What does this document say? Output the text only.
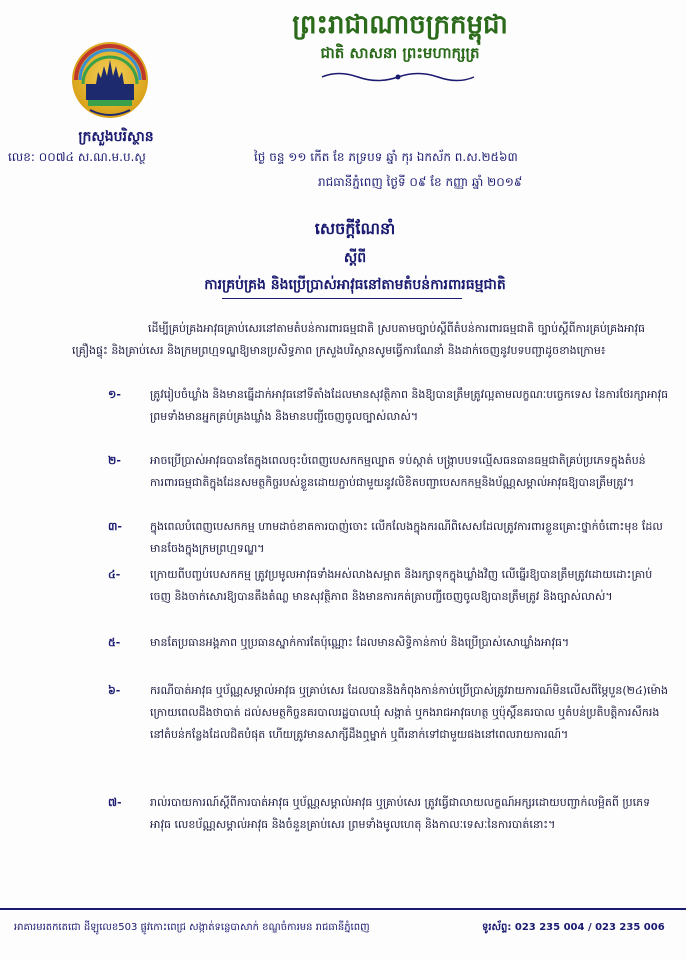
ក្រសួងបរិស្ថាន
លេខ: ០០៧៤ ស.ណ.ម.ប.ស្ថ
ព្រះរាជាណាចក្រកម្ពុជា
ជាតិ សាសនា ព្រះមហាក្សត្រ
ថ្ងៃ ចន្ទ ១១ កើត ខែ ភទ្របទ ឆ្នាំ កុរ ឯកស័ក ព.ស.២៥៦៣
រាជធានីភ្នំពេញ ថ្ងៃទី ០៩ ខែ កញ្ញា ឆ្នាំ ២០១៩
សេចក្តីណែនាំ
ស្តីពី
ការគ្រប់គ្រង និងប្រើប្រាស់អាវុធនៅតាមតំបន់ការពារធម្មជាតិ
ដើម្បីគ្រប់គ្រងអាវុធគ្រាប់សេរនៅតាមតំបន់ការពារធម្មជាតិ ស្របតាមច្បាប់ស្តីពីតំបន់ការពារធម្មជាតិ ច្បាប់ស្តីពីការគ្រប់គ្រងអាវុធ គ្រឿងផ្ទុះ និងគ្រាប់សេរ និងក្រមព្រហ្មទណ្ឌឱ្យមានប្រសិទ្ធភាព ក្រសួងបរិស្ថានសូមធ្វើការណែនាំ និងដាក់ចេញនូវបទបញ្ជាដូចខាងក្រោម៖
១-	ត្រូវរៀបចំឃ្លាំង និងមានធ្នើដាក់អាវុធនៅទីតាំងដែលមានសុវត្ថិភាព និងឱ្យបានត្រឹមត្រូវល្អតាមលក្ខណៈបច្ចេកទេស នៃការថែរក្សាអាវុធ ព្រមទាំងមានអ្នកគ្រប់គ្រងឃ្លាំង និងមានបញ្ជីចេញចូលច្បាស់លាស់។
២-	អាចប្រើប្រាស់អាវុធបានតែក្នុងពេលចុះបំពេញបេសកកម្មល្បាត ទប់ស្កាត់ បង្ក្រាបបទល្មើសធនធានធម្មជាតិគ្រប់ប្រភេទក្នុងតំបន់ការពារធម្មជាតិក្នុងដែនសមត្ថកិច្ចរបស់ខ្លួនដោយភ្ជាប់ជាមួយនូវលិខិតបញ្ជាបេសកកម្មនិងប័ណ្ណសម្គាល់អាវុធឱ្យបានត្រឹមត្រូវ។
៣-	ក្នុងពេលបំពេញបេសកកម្ម ហាមដាច់ខាតការបាញ់ចោះ លើកលែងក្នុងករណីពិសេសដែលត្រូវការពារខ្លួនគ្រោះថ្នាក់ចំពោះមុខ ដែលមានចែងក្នុងក្រមព្រហ្មទណ្ឌ។
៤-	ក្រោយពីបញ្ចប់បេសកកម្ម ត្រូវប្រមូលអាវុធទាំងអស់លាងសម្អាត និងរក្សាទុកក្នុងឃ្លាំងវិញ លើធ្នើរឱ្យបានត្រឹមត្រូវដោយដោះគ្រាប់ចេញ និងចាក់សោរឱ្យបានតឹងតំណ្ល មានសុវត្ថិភាព និងមានការកត់ត្រាបញ្ជីចេញចូលឱ្យបានត្រឹមត្រូវ និងច្បាស់លាស់។
៥-	មានតែប្រធានអង្គភាព ឬប្រធានស្នាក់ការតែប៉ុណ្ណោះ ដែលមានសិទ្ធិកាន់កាប់ និងប្រើប្រាស់សោឃ្លាំងអាវុធ។
៦-	ករណីបាត់អាវុធ ឬប័ណ្ណសម្គាល់អាវុធ ឬគ្រាប់សេរ ដែលបាននិងកំពុងកាន់កាប់ប្រើប្រាស់ត្រូវរាយការណ៍មិនលើសពីម្ភៃបួន(២៤)ម៉ោងក្រោយពេលដឹងថាបាត់ ដល់សមត្ថកិច្ចនគរបាលរដ្ឋបាលឃុំ សង្កាត់ ឬកងរាជអាវុធហត្ថ ឬប៉ុស្តិ៍នគរបាល ឬតំបន់ប្រតិបត្តិការសឹករងនៅតំបន់កន្លែងដែលជិតបំផុត ហើយត្រូវមានសាក្សីដឹងឮម្នាក់ ឬពីរនាក់ទៅជាមួយផងនៅពេលរាយការណ៍។
៧-	រាល់របាយការណ៍ស្តីពីការបាត់អាវុធ ឬប័ណ្ណសម្គាល់អាវុធ ឬគ្រាប់សេរ ត្រូវធ្វើជាលាយលក្ខណ៍អក្សរដោយបញ្ជាក់លម្អិតពី ប្រភេទអាវុធ លេខប័ណ្ណសម្គាល់អាវុធ និងចំនួនគ្រាប់សេរ ព្រមទាំងមូលហេតុ និងកាលៈទេសៈនៃការបាត់នោះ។
អាគារមរតកតេជោ ដីឡូលេខ503 ផ្លូវកោះពេជ្រ សង្កាត់ទន្លេបាសាក់ ខណ្ឌចំការមន រាជធានីភ្នំពេញ	ទូរស័ព្ទ: 023 235 004 / 023 235 006
